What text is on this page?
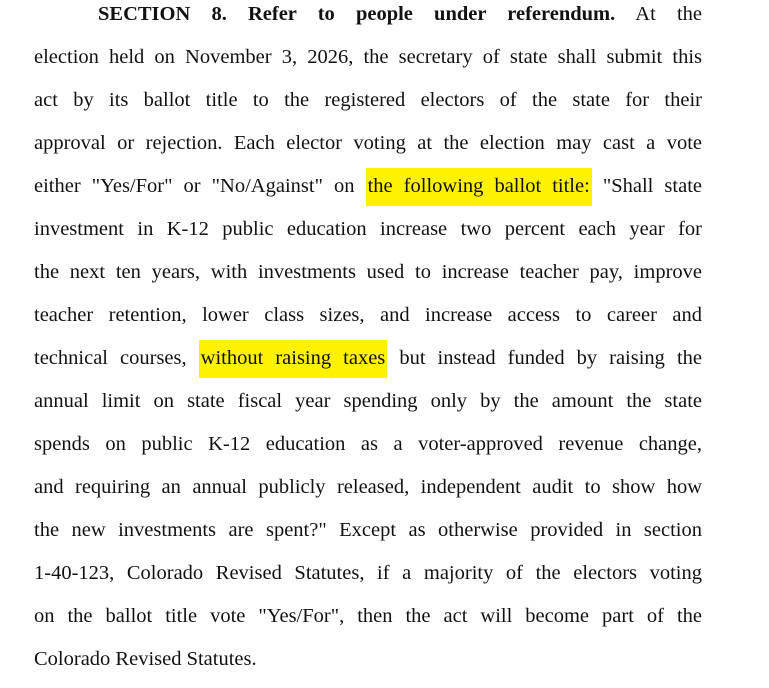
SECTION 8. Refer to people under referendum. At the
election held on November 3, 2026, the secretary of state shall submit this
act by its ballot title to the registered electors of the state for their
approval or rejection. Each elector voting at the election may cast a vote
either "Yes/For" or "No/Against" on the following ballot title: "Shall state
investment in K-12 public education increase two percent each year for
the next ten years, with investments used to increase teacher pay, improve
teacher retention, lower class sizes, and increase access to career and
technical courses, without raising taxes but instead funded by raising the
annual limit on state fiscal year spending only by the amount the state
spends on public K-12 education as a voter-approved revenue change,
and requiring an annual publicly released, independent audit to show how
the new investments are spent?" Except as otherwise provided in section
1-40-123, Colorado Revised Statutes, if a majority of the electors voting
on the ballot title vote "Yes/For", then the act will become part of the
Colorado Revised Statutes.
